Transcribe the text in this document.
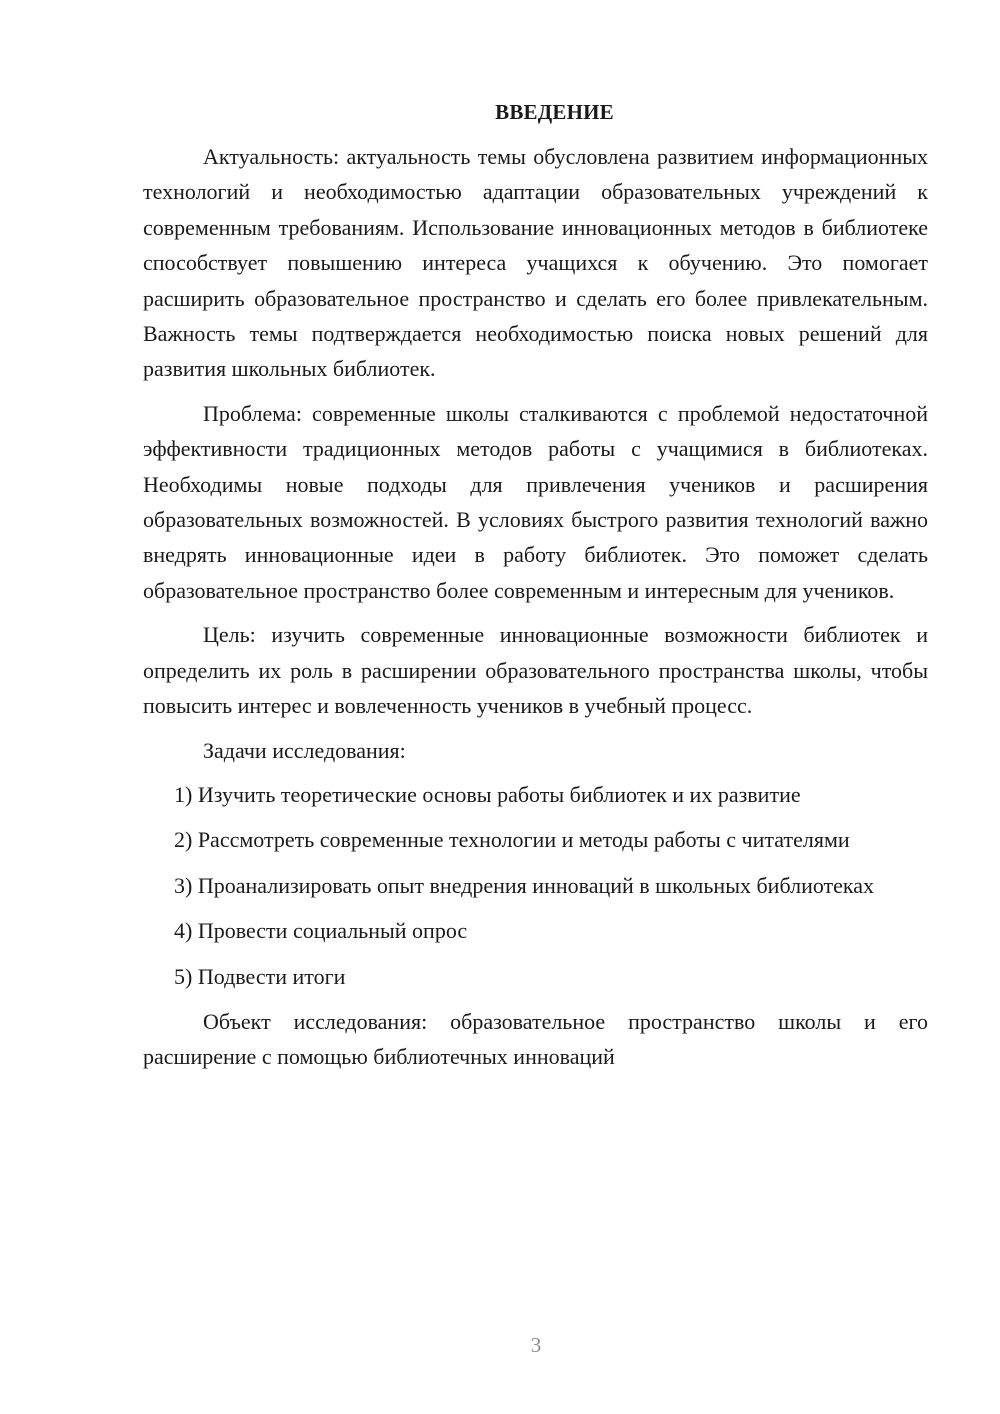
ВВЕДЕНИЕ

Актуальность: актуальность темы обусловлена развитием информационных технологий и необходимостью адаптации образовательных учреждений к современным требованиям. Использование инновационных методов в библиотеке способствует повышению интереса учащихся к обучению. Это помогает расширить образовательное пространство и сделать его более привлекательным. Важность темы подтверждается необходимостью поиска новых решений для развития школьных библиотек.

Проблема: современные школы сталкиваются с проблемой недостаточной эффективности традиционных методов работы с учащимися в библиотеках. Необходимы новые подходы для привлечения учеников и расширения образовательных возможностей. В условиях быстрого развития технологий важно внедрять инновационные идеи в работу библиотек. Это поможет сделать образовательное пространство более современным и интересным для учеников.

Цель: изучить современные инновационные возможности библиотек и определить их роль в расширении образовательного пространства школы, чтобы повысить интерес и вовлеченность учеников в учебный процесс.

Задачи исследования:

1) Изучить теоретические основы работы библиотек и их развитие

2) Рассмотреть современные технологии и методы работы с читателями

3) Проанализировать опыт внедрения инноваций в школьных библиотеках

4) Провести социальный опрос

5) Подвести итоги

Объект исследования: образовательное пространство школы и его расширение с помощью библиотечных инноваций

3
